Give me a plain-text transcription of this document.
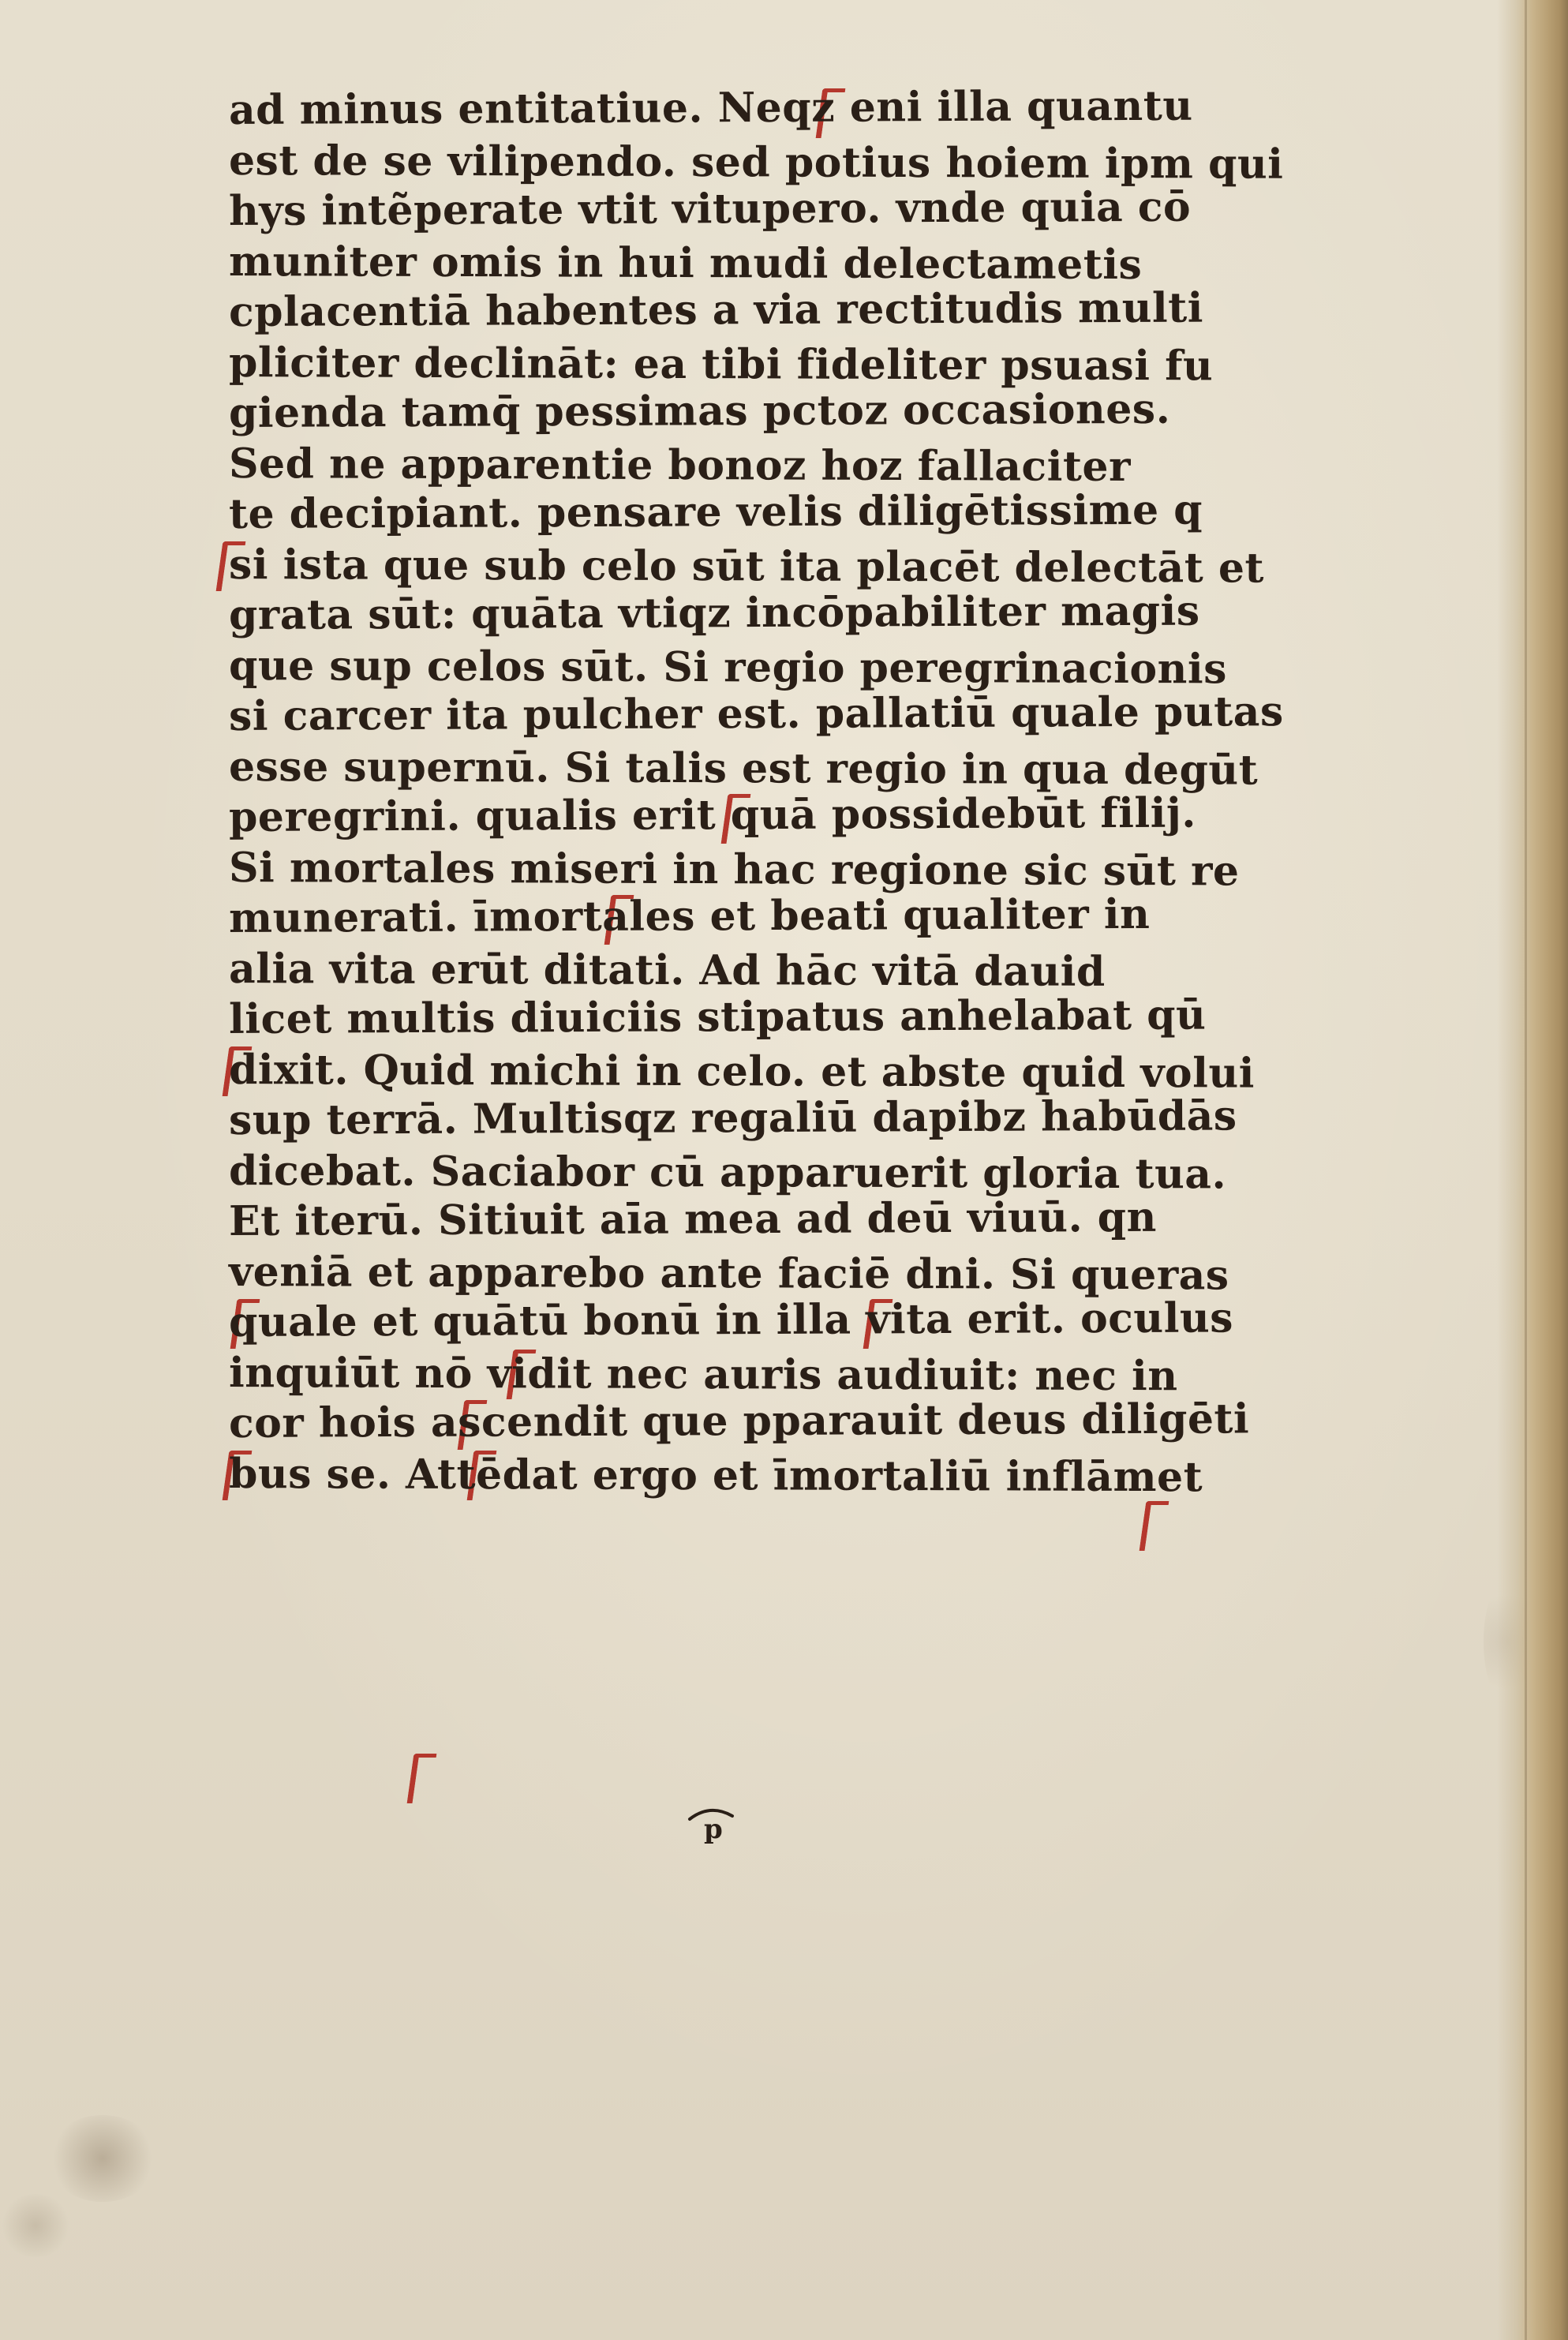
ad minus entitatiue. Neqz eni illa quantu
est de se vilipendo. sed potius hoiem ipm qui
hys intẽperate vtit vitupero. vnde quia cō
muniter omis in hui mudi delectametis
cplacentiā habentes a via rectitudis multi
pliciter declināt: ea tibi fideliter psuasi fu
gienda tamq̄ pessimas pctoz occasiones.
Sed ne apparentie bonoz hoz fallaciter
te decipiant. pensare velis diligētissime q
si ista que sub celo sūt ita placēt delectāt et
grata sūt: quāta vtiqz incōpabiliter magis
que sup celos sūt. Si regio peregrinacionis
si carcer ita pulcher est. pallatiū quale putas
esse supernū. Si talis est regio in qua degūt
peregrini. qualis erit quā possidebūt filij.
Si mortales miseri in hac regione sic sūt re
munerati. īmortales et beati qualiter in
alia vita erūt ditati. Ad hāc vitā dauid
licet multis diuiciis stipatus anhelabat qū
dixit. Quid michi in celo. et abste quid volui
sup terrā. Multisqz regaliū dapibz habūdās
dicebat. Saciabor cū apparuerit gloria tua.
Et iterū. Sitiuit aīa mea ad deū viuū. qn
veniā et apparebo ante faciē dni. Si queras
quale et quātū bonū in illa vita erit. oculus
inquiūt nō vidit nec auris audiuit: nec in
cor hois ascendit que pparauit deus diligēti
bus se. Attēdat ergo et īmortaliū inflāmet
p
